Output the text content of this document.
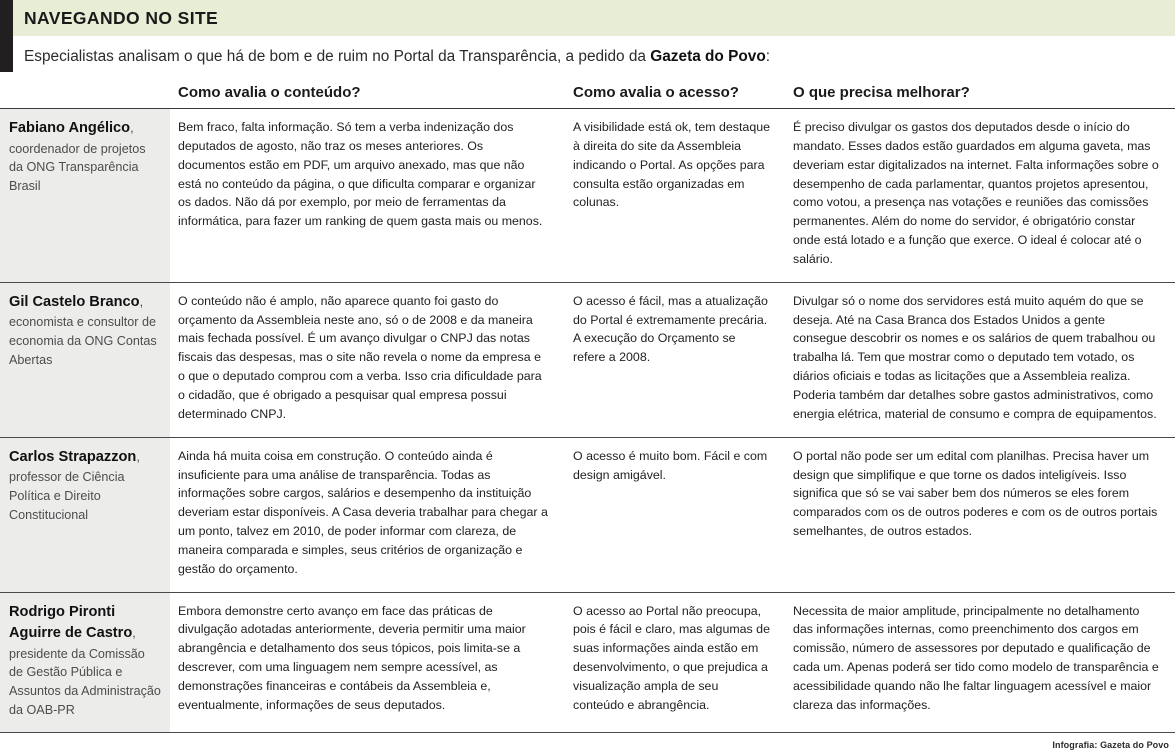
NAVEGANDO NO SITE
Especialistas analisam o que há de bom e de ruim no Portal da Transparência, a pedido da Gazeta do Povo:
	Como avalia o conteúdo?	Como avalia o acesso?	O que precisa melhorar?
Fabiano Angélico, coordenador de projetos da ONG Transparência Brasil	Bem fraco, falta informação. Só tem a verba indenização dos deputados de agosto, não traz os meses anteriores. Os documentos estão em PDF, um arquivo anexado, mas que não está no conteúdo da página, o que dificulta comparar e organizar os dados. Não dá por exemplo, por meio de ferramentas da informática, para fazer um ranking de quem gasta mais ou menos.	A visibilidade está ok, tem destaque à direita do site da Assembleia indicando o Portal. As opções para consulta estão organizadas em colunas.	É preciso divulgar os gastos dos deputados desde o início do mandato. Esses dados estão guardados em alguma gaveta, mas deveriam estar digitalizados na internet. Falta informações sobre o desempenho de cada parlamentar, quantos projetos apresentou, como votou, a presença nas votações e reuniões das comissões permanentes. Além do nome do servidor, é obrigatório constar onde está lotado e a função que exerce. O ideal é colocar até o salário.
Gil Castelo Branco, economista e consultor de economia da ONG Contas Abertas	O conteúdo não é amplo, não aparece quanto foi gasto do orçamento da Assembleia neste ano, só o de 2008 e da maneira mais fechada possível. É um avanço divulgar o CNPJ das notas fiscais das despesas, mas o site não revela o nome da empresa e o que o deputado comprou com a verba. Isso cria dificuldade para o cidadão, que é obrigado a pesquisar qual empresa possui determinado CNPJ.	O acesso é fácil, mas a atualização do Portal é extremamente precária. A execução do Orçamento se refere a 2008.	Divulgar só o nome dos servidores está muito aquém do que se deseja. Até na Casa Branca dos Estados Unidos a gente consegue descobrir os nomes e os salários de quem trabalhou ou trabalha lá. Tem que mostrar como o deputado tem votado, os diários oficiais e todas as licitações que a Assembleia realiza. Poderia também dar detalhes sobre gastos administrativos, como energia elétrica, material de consumo e compra de equipamentos.
Carlos Strapazzon, professor de Ciência Política e Direito Constitucional	Ainda há muita coisa em construção. O conteúdo ainda é insuficiente para uma análise de transparência. Todas as informações sobre cargos, salários e desempenho da instituição deveriam estar disponíveis. A Casa deveria trabalhar para chegar a um ponto, talvez em 2010, de poder informar com clareza, de maneira comparada e simples, seus critérios de organização e gestão do orçamento.	O acesso é muito bom. Fácil e com design amigável.	O portal não pode ser um edital com planilhas. Precisa haver um design que simplifique e que torne os dados inteligíveis. Isso significa que só se vai saber bem dos números se eles forem comparados com os de outros poderes e com os de outros portais semelhantes, de outros estados.
Rodrigo Pironti Aguirre de Castro, presidente da Comissão de Gestão Pública e Assuntos da Administração da OAB-PR	Embora demonstre certo avanço em face das práticas de divulgação adotadas anteriormente, deveria permitir uma maior abrangência e detalhamento dos seus tópicos, pois limita-se a descrever, com uma linguagem nem sempre acessível, as demonstrações financeiras e contábeis da Assembleia e, eventualmente, informações de seus deputados.	O acesso ao Portal não preocupa, pois é fácil e claro, mas algumas de suas informações ainda estão em desenvolvimento, o que prejudica a visualização ampla de seu conteúdo e abrangência.	Necessita de maior amplitude, principalmente no detalhamento das informações internas, como preenchimento dos cargos em comissão, número de assessores por deputado e qualificação de cada um. Apenas poderá ser tido como modelo de transparência e acessibilidade quando não lhe faltar linguagem acessível e maior clareza das informações.
Infografia: Gazeta do Povo
